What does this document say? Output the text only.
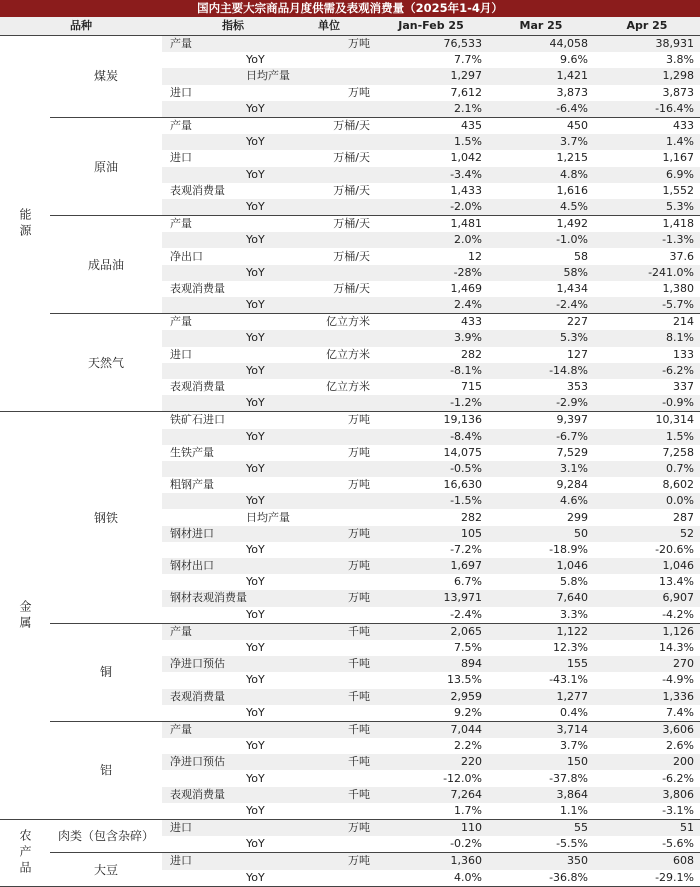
国内主要大宗商品月度供需及表观消费量（2025年1-4月）
品种		指标	单位	Jan-Feb 25	Mar 25	Apr 25
能源	煤炭	产量	万吨	76,533	44,058	38,931
		YoY		7.7%	9.6%	3.8%
		日均产量		1,297	1,421	1,298
		进口	万吨	7,612	3,873	3,873
		YoY		2.1%	-6.4%	-16.4%
	原油	产量	万桶/天	435	450	433
		YoY		1.5%	3.7%	1.4%
		进口	万桶/天	1,042	1,215	1,167
		YoY		-3.4%	4.8%	6.9%
		表观消费量	万桶/天	1,433	1,616	1,552
		YoY		-2.0%	4.5%	5.3%
	成品油	产量	万桶/天	1,481	1,492	1,418
		YoY		2.0%	-1.0%	-1.3%
		净出口	万桶/天	12	58	37.6
		YoY		-28%	58%	-241.0%
		表观消费量	万桶/天	1,469	1,434	1,380
		YoY		2.4%	-2.4%	-5.7%
	天然气	产量	亿立方米	433	227	214
		YoY		3.9%	5.3%	8.1%
		进口	亿立方米	282	127	133
		YoY		-8.1%	-14.8%	-6.2%
		表观消费量	亿立方米	715	353	337
		YoY		-1.2%	-2.9%	-0.9%
金属	钢铁	铁矿石进口	万吨	19,136	9,397	10,314
		YoY		-8.4%	-6.7%	1.5%
		生铁产量	万吨	14,075	7,529	7,258
		YoY		-0.5%	3.1%	0.7%
		粗钢产量	万吨	16,630	9,284	8,602
		YoY		-1.5%	4.6%	0.0%
		日均产量		282	299	287
		钢材进口	万吨	105	50	52
		YoY		-7.2%	-18.9%	-20.6%
		钢材出口	万吨	1,697	1,046	1,046
		YoY		6.7%	5.8%	13.4%
		钢材表观消费量	万吨	13,971	7,640	6,907
		YoY		-2.4%	3.3%	-4.2%
	铜	产量	千吨	2,065	1,122	1,126
		YoY		7.5%	12.3%	14.3%
		净进口预估	千吨	894	155	270
		YoY		13.5%	-43.1%	-4.9%
		表观消费量	千吨	2,959	1,277	1,336
		YoY		9.2%	0.4%	7.4%
	铝	产量	千吨	7,044	3,714	3,606
		YoY		2.2%	3.7%	2.6%
		净进口预估	千吨	220	150	200
		YoY		-12.0%	-37.8%	-6.2%
		表观消费量	千吨	7,264	3,864	3,806
		YoY		1.7%	1.1%	-3.1%
农产品	肉类（包含杂碎）	进口	万吨	110	55	51
		YoY		-0.2%	-5.5%	-5.6%
	大豆	进口	万吨	1,360	350	608
		YoY		4.0%	-36.8%	-29.1%
